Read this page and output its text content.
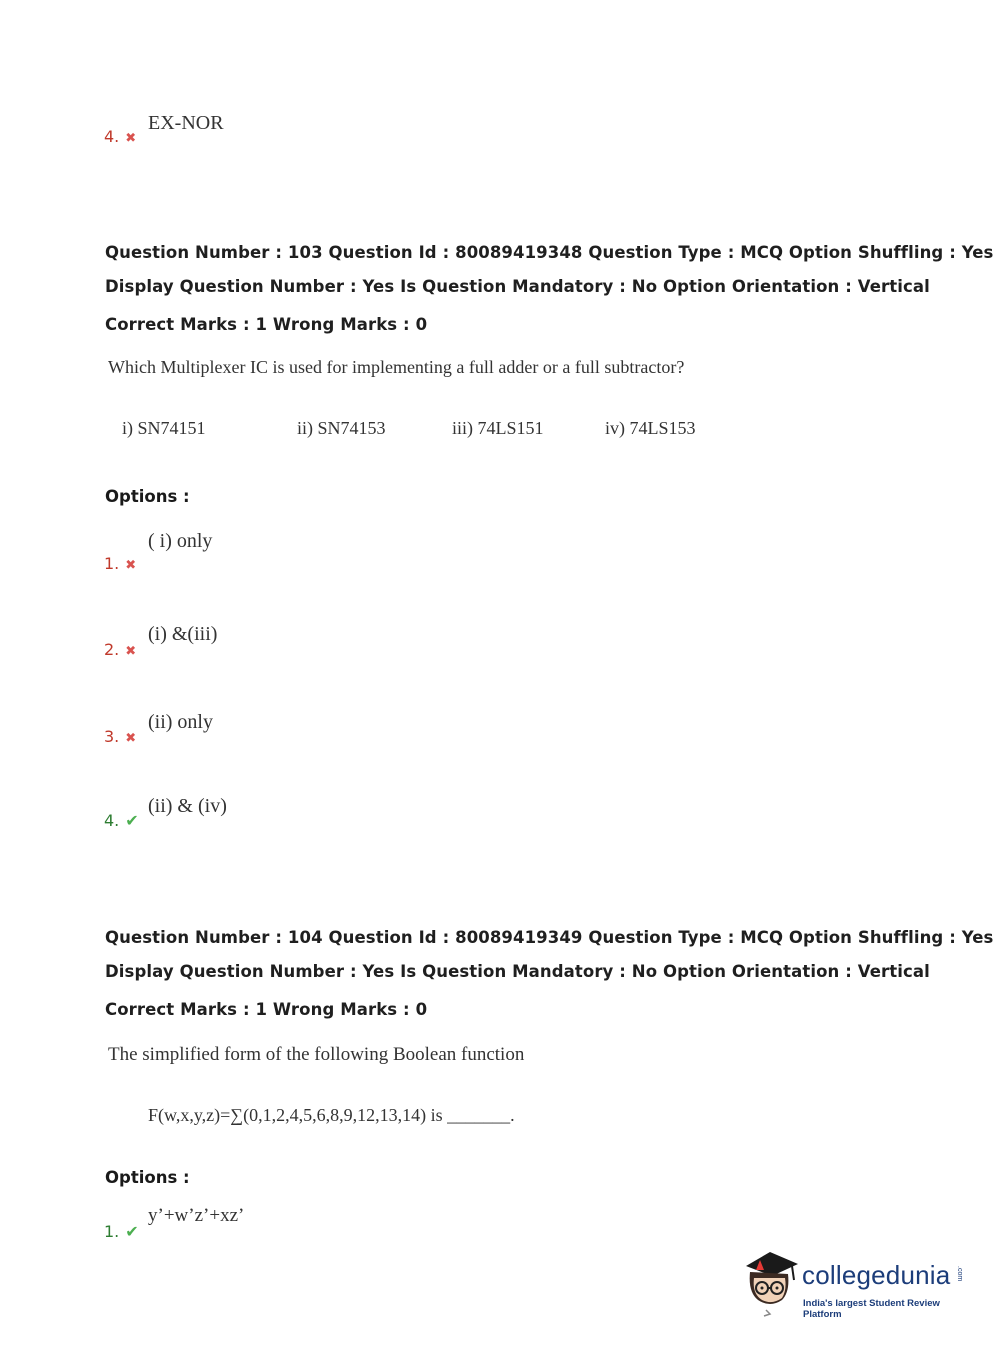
4. ✖
EX-NOR
Question Number : 103 Question Id : 80089419348 Question Type : MCQ Option Shuffling : Yes
Display Question Number : Yes Is Question Mandatory : No Option Orientation : Vertical
Correct Marks : 1 Wrong Marks : 0
Which Multiplexer IC is used for implementing a full adder or a full subtractor?
i) SN74151	ii) SN74153	iii) 74LS151	iv) 74LS153
Options :
1. ✖
( i) only
2. ✖
(i) &(iii)
3. ✖
(ii) only
4. ✔
(ii) & (iv)
Question Number : 104 Question Id : 80089419349 Question Type : MCQ Option Shuffling : Yes
Display Question Number : Yes Is Question Mandatory : No Option Orientation : Vertical
Correct Marks : 1 Wrong Marks : 0
The simplified form of the following Boolean function
F(w,x,y,z)=∑(0,1,2,4,5,6,8,9,12,13,14) is _______.
Options :
1. ✔
y’+w’z’+xz’
collegedunia .com
India's largest Student Review Platform
